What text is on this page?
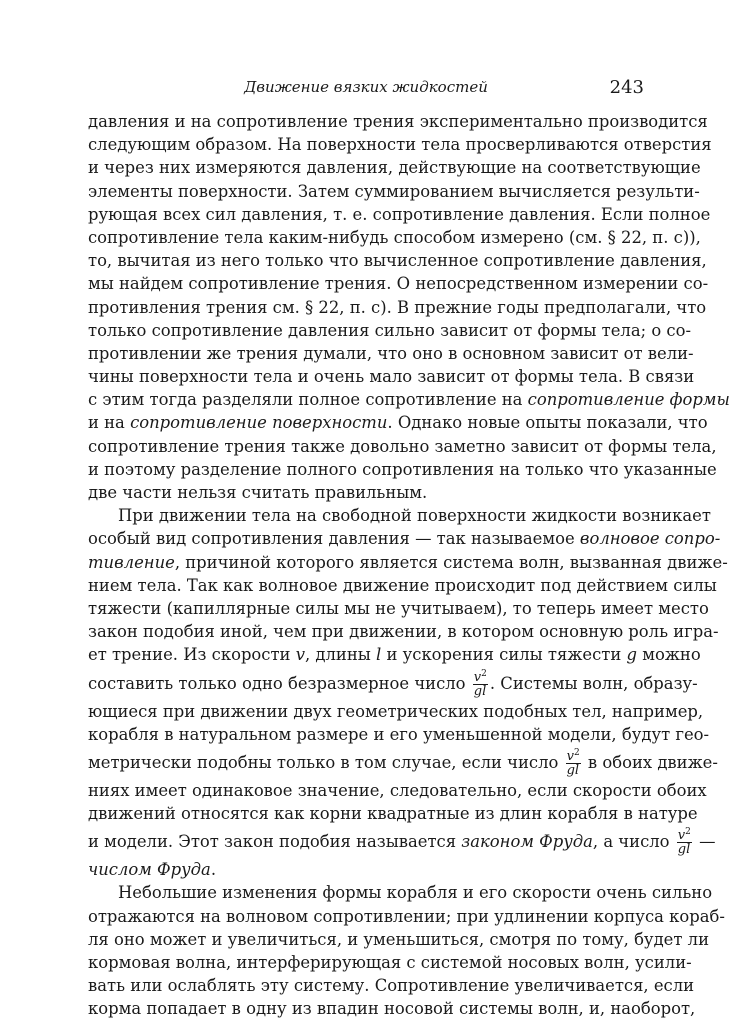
Движение вязких жидкостей	243
давления и на сопротивление трения экспериментально производится
следующим образом. На поверхности тела просверливаются отверстия
и через них измеряются давления, действующие на соответствующие
элементы поверхности. Затем суммированием вычисляется результи-
рующая всех сил давления, т. е. сопротивление давления. Если полное
сопротивление тела каким-нибудь способом измерено (см. § 22, п. с)),
то, вычитая из него только что вычисленное сопротивление давления,
мы найдем сопротивление трения. О непосредственном измерении со-
противления трения см. § 22, п. с). В прежние годы предполагали, что
только сопротивление давления сильно зависит от формы тела; о со-
противлении же трения думали, что оно в основном зависит от вели-
чины поверхности тела и очень мало зависит от формы тела. В связи
с этим тогда разделяли полное сопротивление на сопротивление формы
и на сопротивление поверхности. Однако новые опыты показали, что
сопротивление трения также довольно заметно зависит от формы тела,
и поэтому разделение полного сопротивления на только что указанные
две части нельзя считать правильным.
При движении тела на свободной поверхности жидкости возникает
особый вид сопротивления давления — так называемое волновое сопро-
тивление, причиной которого является система волн, вызванная движе-
нием тела. Так как волновое движение происходит под действием силы
тяжести (капиллярные силы мы не учитываем), то теперь имеет место
закон подобия иной, чем при движении, в котором основную роль игра-
ет трение. Из скорости v, длины l и ускорения силы тяжести g можно
составить только одно безразмерное число $\frac{v^2}{gl}$ . Системы волн, образу-
ющиеся при движении двух геометрических подобных тел, например,
корабля в натуральном размере и его уменьшенной модели, будут гео-
метрически подобны только в том случае, если число $\frac{v^2}{gl}$ в обоих движе-
ниях имеет одинаковое значение, следовательно, если скорости обоих
движений относятся как корни квадратные из длин корабля в натуре
и модели. Этот закон подобия называется законом Фруда, а число $\frac{v^2}{gl}$ —
числом Фруда.
Небольшие изменения формы корабля и его скорости очень сильно
отражаются на волновом сопротивлении; при удлинении корпуса кораб-
ля оно может и увеличиться, и уменьшиться, смотря по тому, будет ли
кормовая волна, интерферирующая с системой носовых волн, усили-
вать или ослаблять эту систему. Сопротивление увеличивается, если
корма попадает в одну из впадин носовой системы волн, и, наоборот,
